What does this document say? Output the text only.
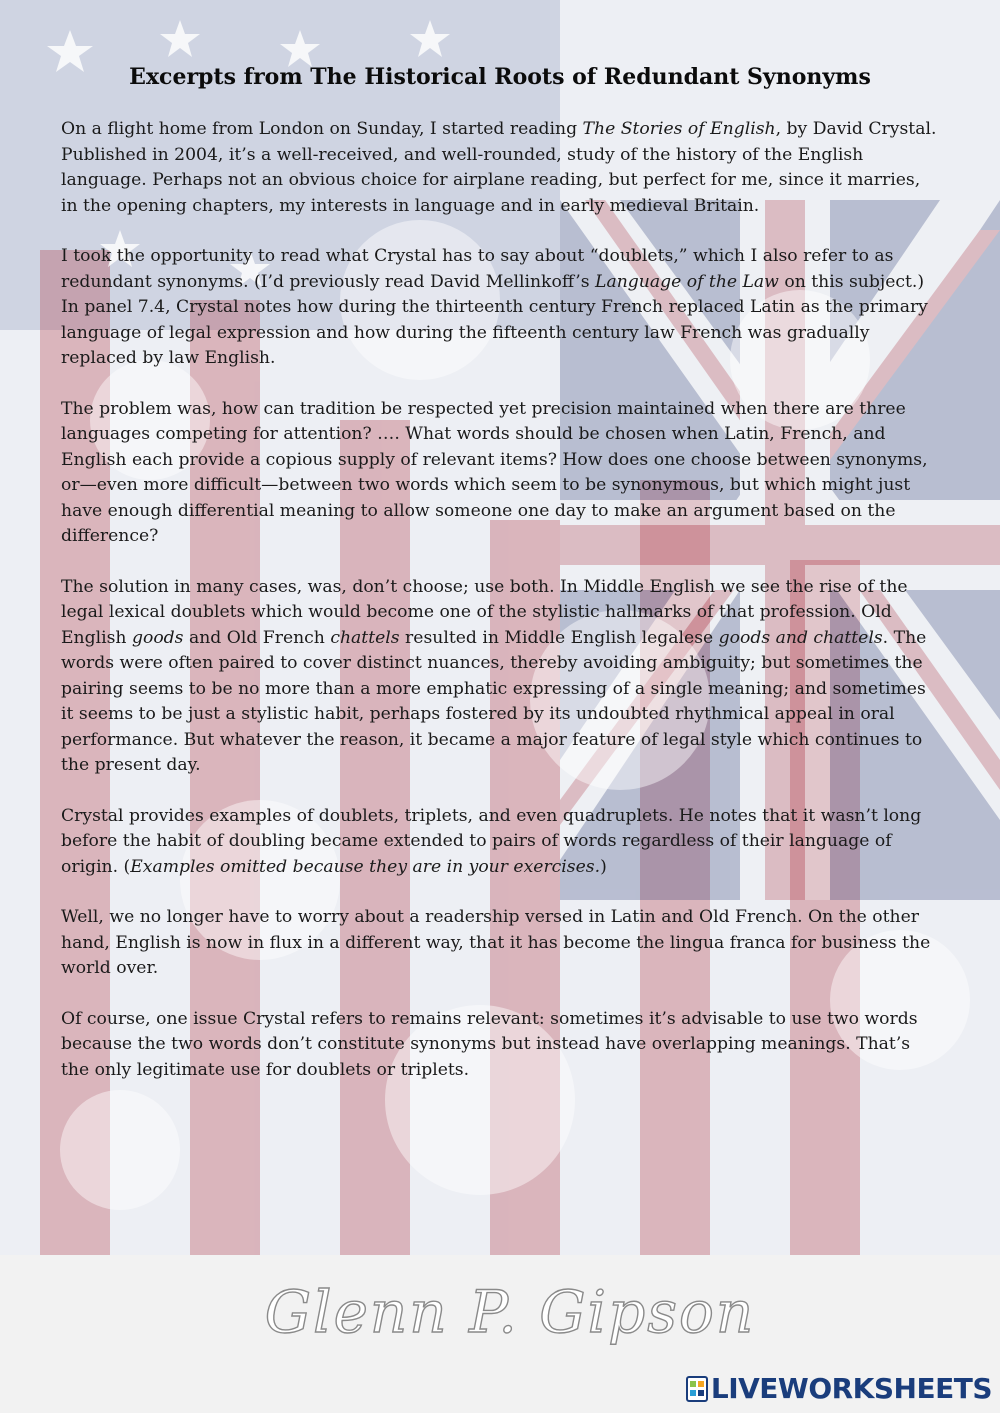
Excerpts from The Historical Roots of Redundant Synonyms

On a flight home from London on Sunday, I started reading The Stories of English, by David Crystal. Published in 2004, it’s a well-received, and well-rounded, study of the history of the English language. Perhaps not an obvious choice for airplane reading, but perfect for me, since it marries, in the opening chapters, my interests in language and in early medieval Britain.

I took the opportunity to read what Crystal has to say about “doublets,” which I also refer to as redundant synonyms. (I’d previously read David Mellinkoff’s Language of the Law on this subject.) In panel 7.4, Crystal notes how during the thirteenth century French replaced Latin as the primary language of legal expression and how during the fifteenth century law French was gradually replaced by law English.

The problem was, how can tradition be respected yet precision maintained when there are three languages competing for attention? …. What words should be chosen when Latin, French, and English each provide a copious supply of relevant items? How does one choose between synonyms, or—even more difficult—between two words which seem to be synonymous, but which might just have enough differential meaning to allow someone one day to make an argument based on the difference?

The solution in many cases, was, don’t choose; use both. In Middle English we see the rise of the legal lexical doublets which would become one of the stylistic hallmarks of that profession. Old English goods and Old French chattels resulted in Middle English legalese goods and chattels. The words were often paired to cover distinct nuances, thereby avoiding ambiguity; but sometimes the pairing seems to be no more than a more emphatic expressing of a single meaning; and sometimes it seems to be just a stylistic habit, perhaps fostered by its undoubted rhythmical appeal in oral performance. But whatever the reason, it became a major feature of legal style which continues to the present day.

Crystal provides examples of doublets, triplets, and even quadruplets. He notes that it wasn’t long before the habit of doubling became extended to pairs of words regardless of their language of origin. (Examples omitted because they are in your exercises.)

Well, we no longer have to worry about a readership versed in Latin and Old French. On the other hand, English is now in flux in a different way, that it has become the lingua franca for business the world over.

Of course, one issue Crystal refers to remains relevant: sometimes it’s advisable to use two words because the two words don’t constitute synonyms but instead have overlapping meanings. That’s the only legitimate use for doublets or triplets.

Glenn P. Gipson
LIVEWORKSHEETS
